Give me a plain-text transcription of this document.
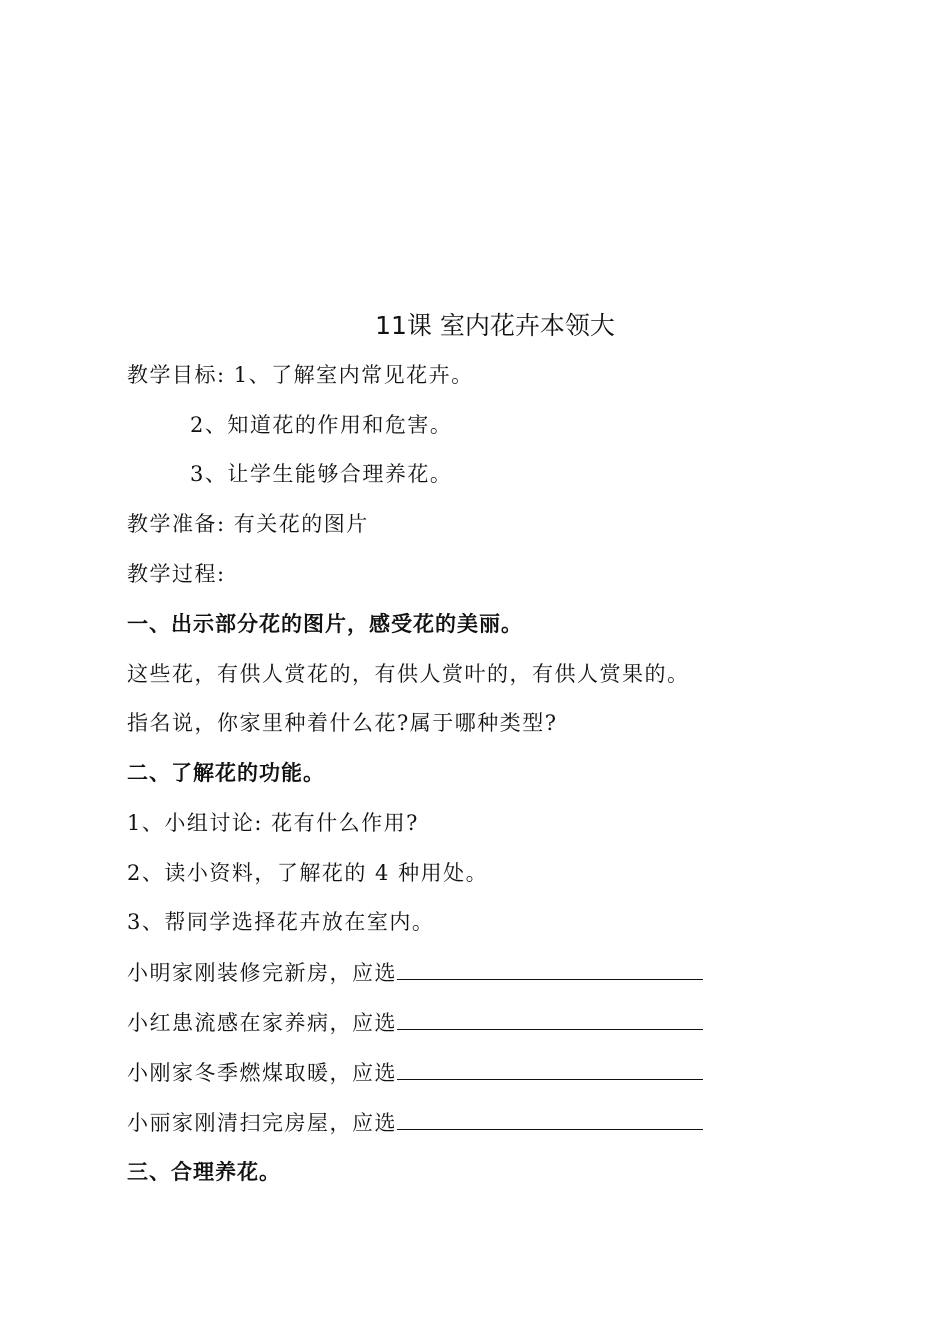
11课 室内花卉本领大
教学目标: 1、了解室内常见花卉。
2、知道花的作用和危害。
3、让学生能够合理养花。
教学准备: 有关花的图片
教学过程:
一、出示部分花的图片，感受花的美丽。
这些花，有供人赏花的，有供人赏叶的，有供人赏果的。
指名说，你家里种着什么花?属于哪种类型?
二、了解花的功能。
1、小组讨论: 花有什么作用?
2、读小资料，了解花的 4 种用处。
3、帮同学选择花卉放在室内。
小明家刚装修完新房，应选
小红患流感在家养病，应选
小刚家冬季燃煤取暖，应选
小丽家刚清扫完房屋，应选
三、合理养花。
